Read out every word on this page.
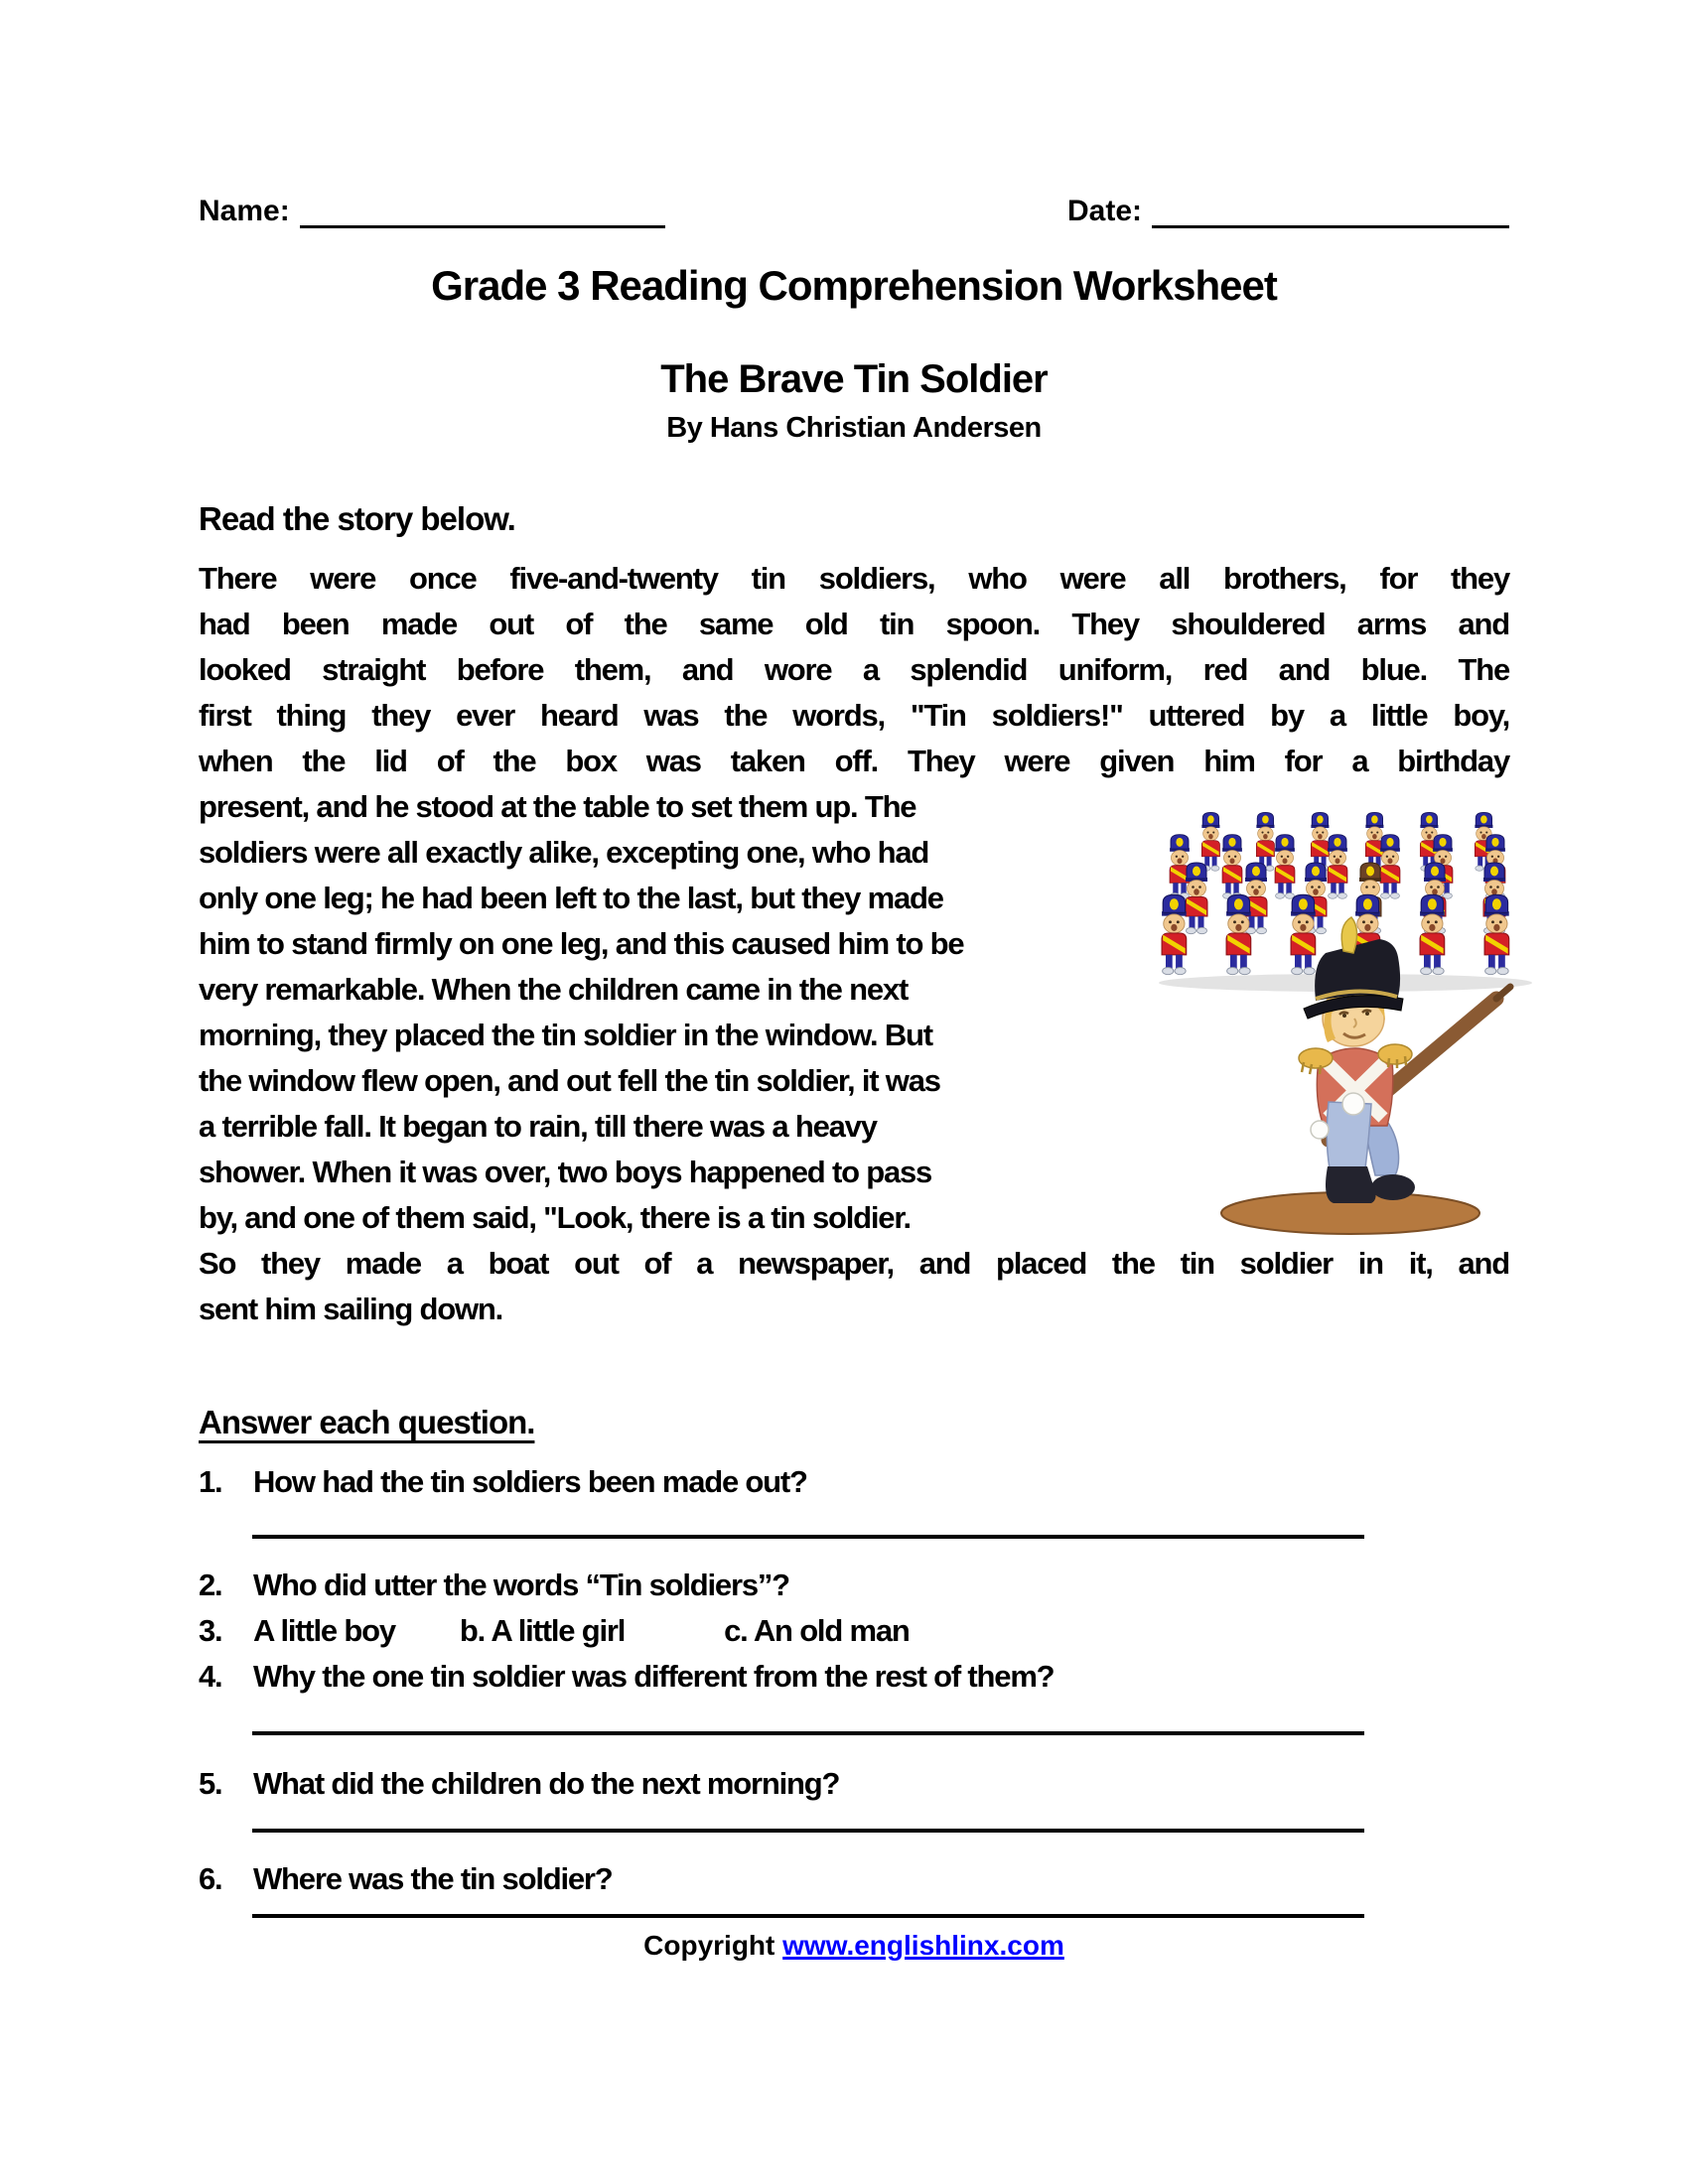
Name:	Date:
Grade 3 Reading Comprehension Worksheet
The Brave Tin Soldier
By Hans Christian Andersen
Read the story below.
There were once five-and-twenty tin soldiers, who were all brothers, for they
had been made out of the same old tin spoon. They shouldered arms and
looked straight before them, and wore a splendid uniform, red and blue. The
first thing they ever heard was the words, "Tin soldiers!" uttered by a little boy,
when the lid of the box was taken off. They were given him for a birthday
present, and he stood at the table to set them up. The
soldiers were all exactly alike, excepting one, who had
only one leg; he had been left to the last, but they made
him to stand firmly on one leg, and this caused him to be
very remarkable. When the children came in the next
morning, they placed the tin soldier in the window. But
the window flew open, and out fell the tin soldier, it was
a terrible fall. It began to rain, till there was a heavy
shower. When it was over, two boys happened to pass
by, and one of them said, "Look, there is a tin soldier.
So they made a boat out of a newspaper, and placed the tin soldier in it, and
sent him sailing down.
Answer each question.
1.	How had the tin soldiers been made out?
2.	Who did utter the words “Tin soldiers”?
3.	A little boy b. A little girl	c. An old man
4.	Why the one tin soldier was different from the rest of them?
5.	What did the children do the next morning?
6.	Where was the tin soldier?
Copyright www.englishlinx.com
